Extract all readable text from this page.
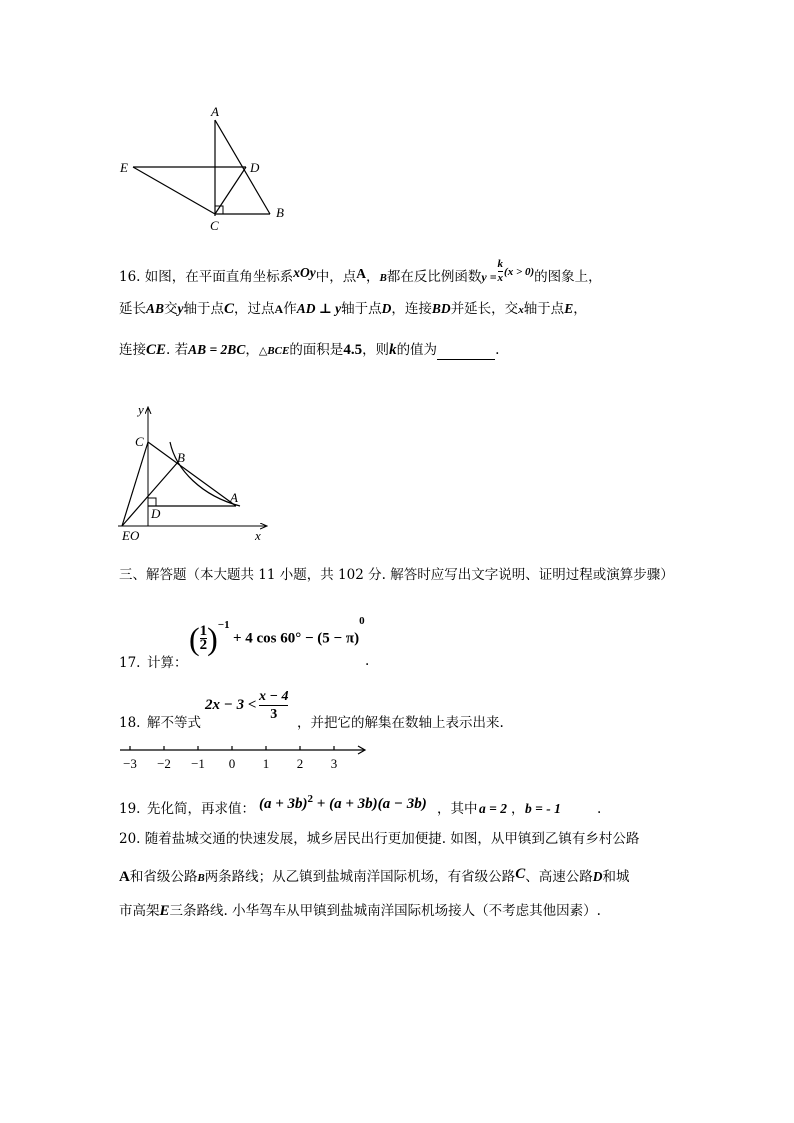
A
E	D
B
C
16. 如图，在平面直角坐标系xOy中，点A，B都在反比例函数$y = \frac{k}{x} ^{(x > 0)}$的图象上，
延长AB交y轴于点C，过点A作AD ⊥ y轴于点D，连接BD并延长，交x轴于点E，
连接CE. 若AB = 2BC，△BCE的面积是4.5，则k的值为	.
y
x
C
B
A
D
EO
三、解答题（本大题共 11 小题，共 102 分. 解答时应写出文字说明、证明过程或演算步骤）
17. 计算：
( $\frac{1}{2} )^{-1} + 4$ $\cos 60^\circ - (5 - \pi)^0$
.
18. 解不等式
$2x - 3 < \frac{x - 4}{3}$ ，并把它的解集在数轴上表示出来.
−3 −2 −1 0 1 2 3
19. 先化简，再求值： $(a + 3b)^2 + (a + 3b)(a - 3b)$ ，其中 a = 2 ， b = - 1	.
20. 随着盐城交通的快速发展，城乡居民出行更加便捷. 如图，从甲镇到乙镇有乡村公路
A和省级公路B两条路线；从乙镇到盐城南洋国际机场，有省级公路C、高速公路D和城
市高架E三条路线. 小华驾车从甲镇到盐城南洋国际机场接人（不考虑其他因素）.
